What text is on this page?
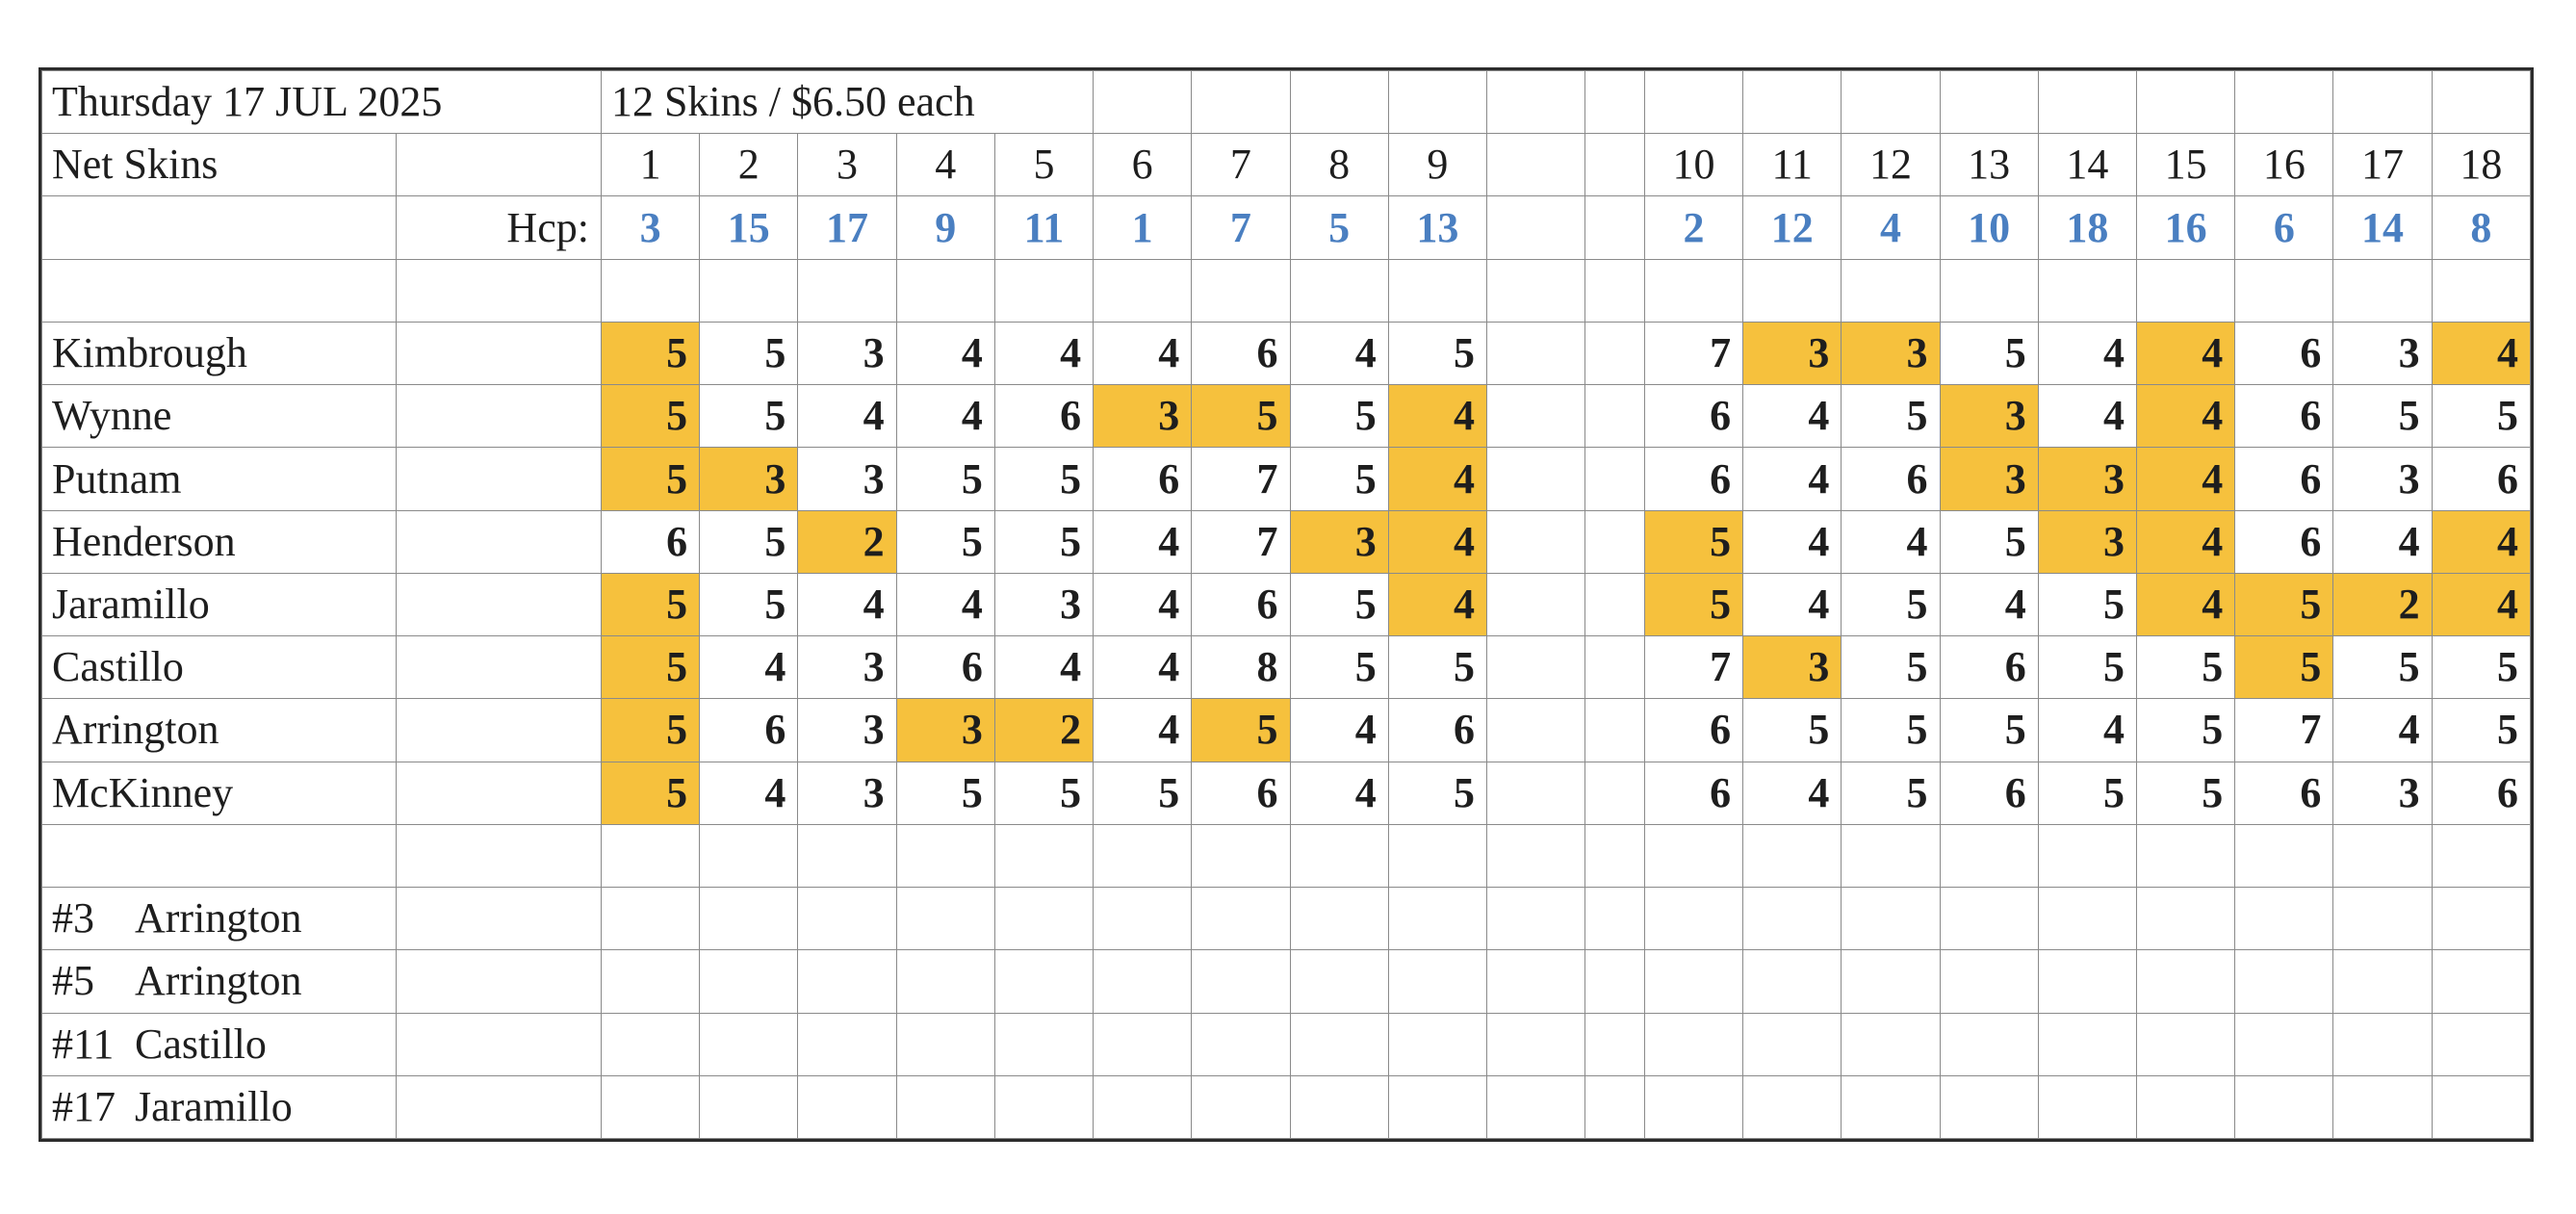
Thursday 17 JUL 2025		12 Skins / $6.50 each																			
Net Skins		1	2	3	4	5	6	7	8	9			10	11	12	13	14	15	16	17	18
	Hcp:	3	15	17	9	11	1	7	5	13			2	12	4	10	18	16	6	14	8

Kimbrough		5	5	3	4	4	4	6	4	5			7	3	3	5	4	4	6	3	4
Wynne		5	5	4	4	6	3	5	5	4			6	4	5	3	4	4	6	5	5
Putnam		5	3	3	5	5	6	7	5	4			6	4	6	3	3	4	6	3	6
Henderson		6	5	2	5	5	4	7	3	4			5	4	4	5	3	4	6	4	4
Jaramillo		5	5	4	4	3	4	6	5	4			5	4	5	4	5	4	5	2	4
Castillo		5	4	3	6	4	4	8	5	5			7	3	5	6	5	5	5	5	5
Arrington		5	6	3	3	2	4	5	4	6			6	5	5	5	4	5	7	4	5
McKinney		5	4	3	5	5	5	6	4	5			6	4	5	6	5	5	6	3	6

#3 Arrington																					
#5 Arrington																					
#11 Castillo																					
#17 Jaramillo																					
